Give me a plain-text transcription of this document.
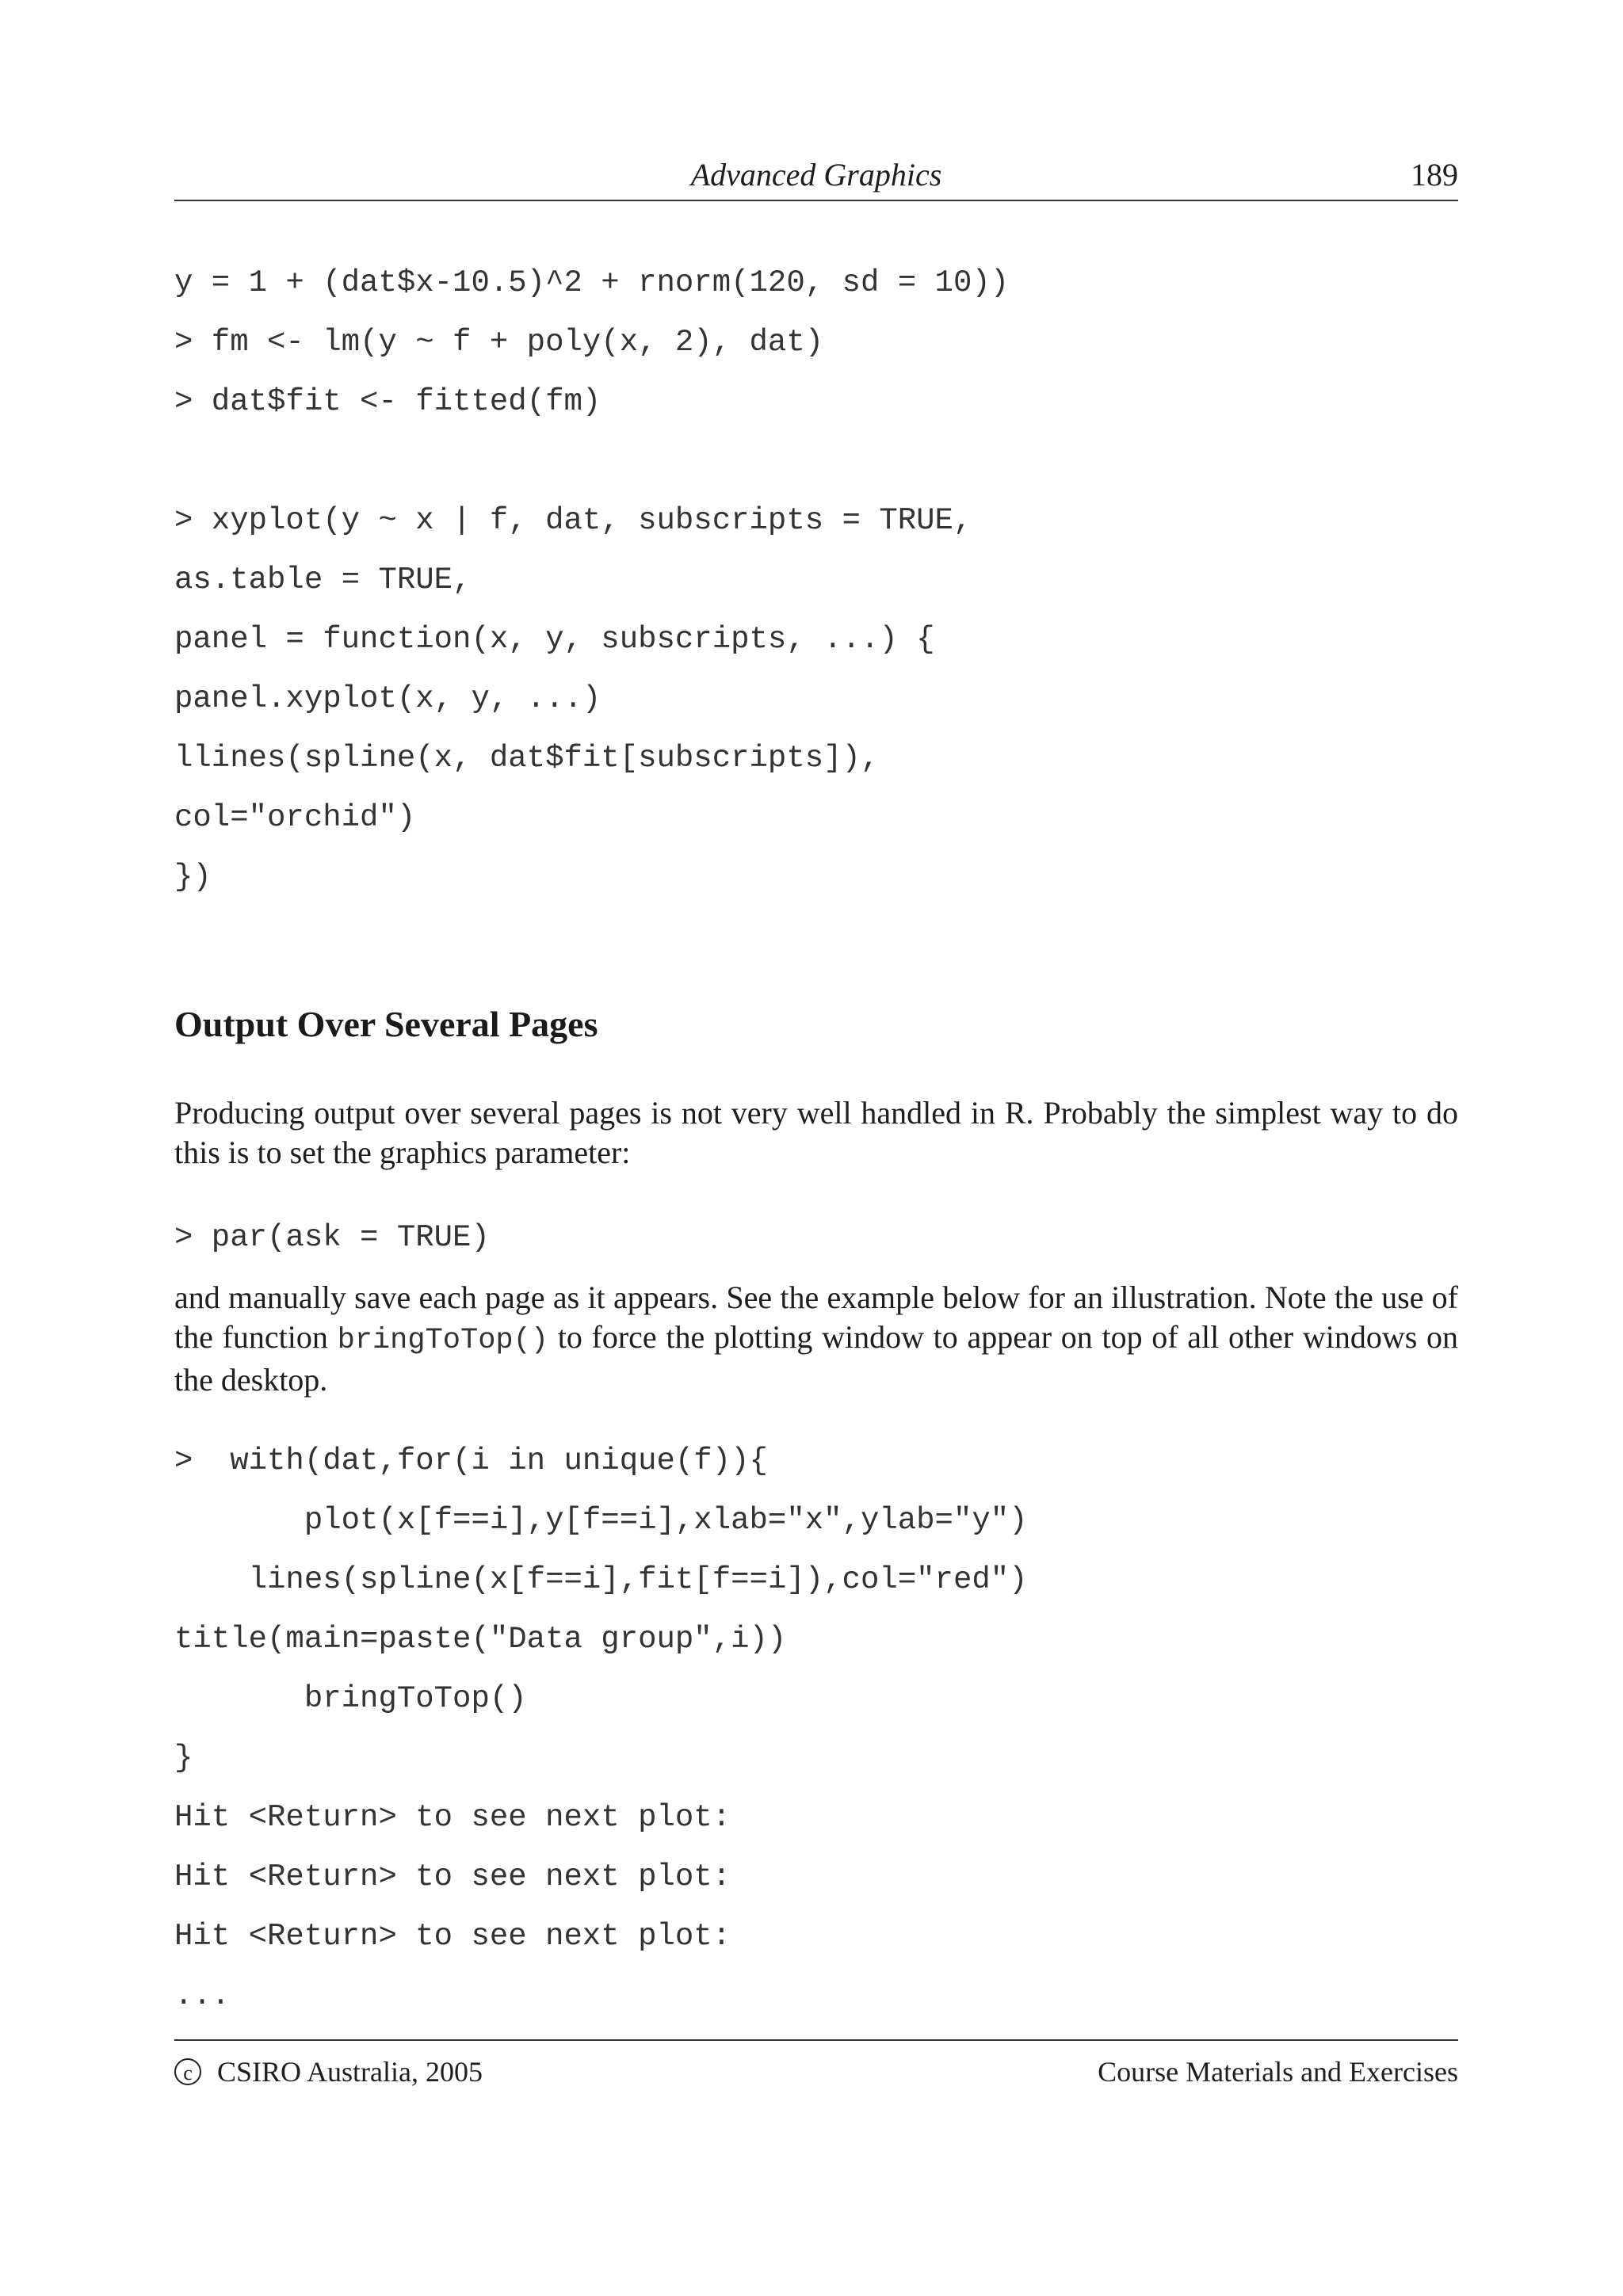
Advanced Graphics	189
y = 1 + (dat$x-10.5)^2 + rnorm(120, sd = 10))
> fm <- lm(y ~ f + poly(x, 2), dat)
> dat$fit <- fitted(fm)
> xyplot(y ~ x | f, dat, subscripts = TRUE,
as.table = TRUE,
panel = function(x, y, subscripts, ...) {
panel.xyplot(x, y, ...)
llines(spline(x, dat$fit[subscripts]),
col="orchid")
})
Output Over Several Pages
Producing output over several pages is not very well handled in R. Probably the simplest way to do this is to set the graphics parameter:
> par(ask = TRUE)
and manually save each page as it appears. See the example below for an illustration. Note the use of the function bringToTop() to force the plotting window to appear on top of all other windows on the desktop.
>  with(dat,for(i in unique(f)){
plot(x[f==i],y[f==i],xlab="x",ylab="y")
lines(spline(x[f==i],fit[f==i]),col="red")
title(main=paste("Data group",i))
bringToTop()
}
Hit <Return> to see next plot:
Hit <Return> to see next plot:
Hit <Return> to see next plot:
...
c CSIRO Australia, 2005	Course Materials and Exercises
